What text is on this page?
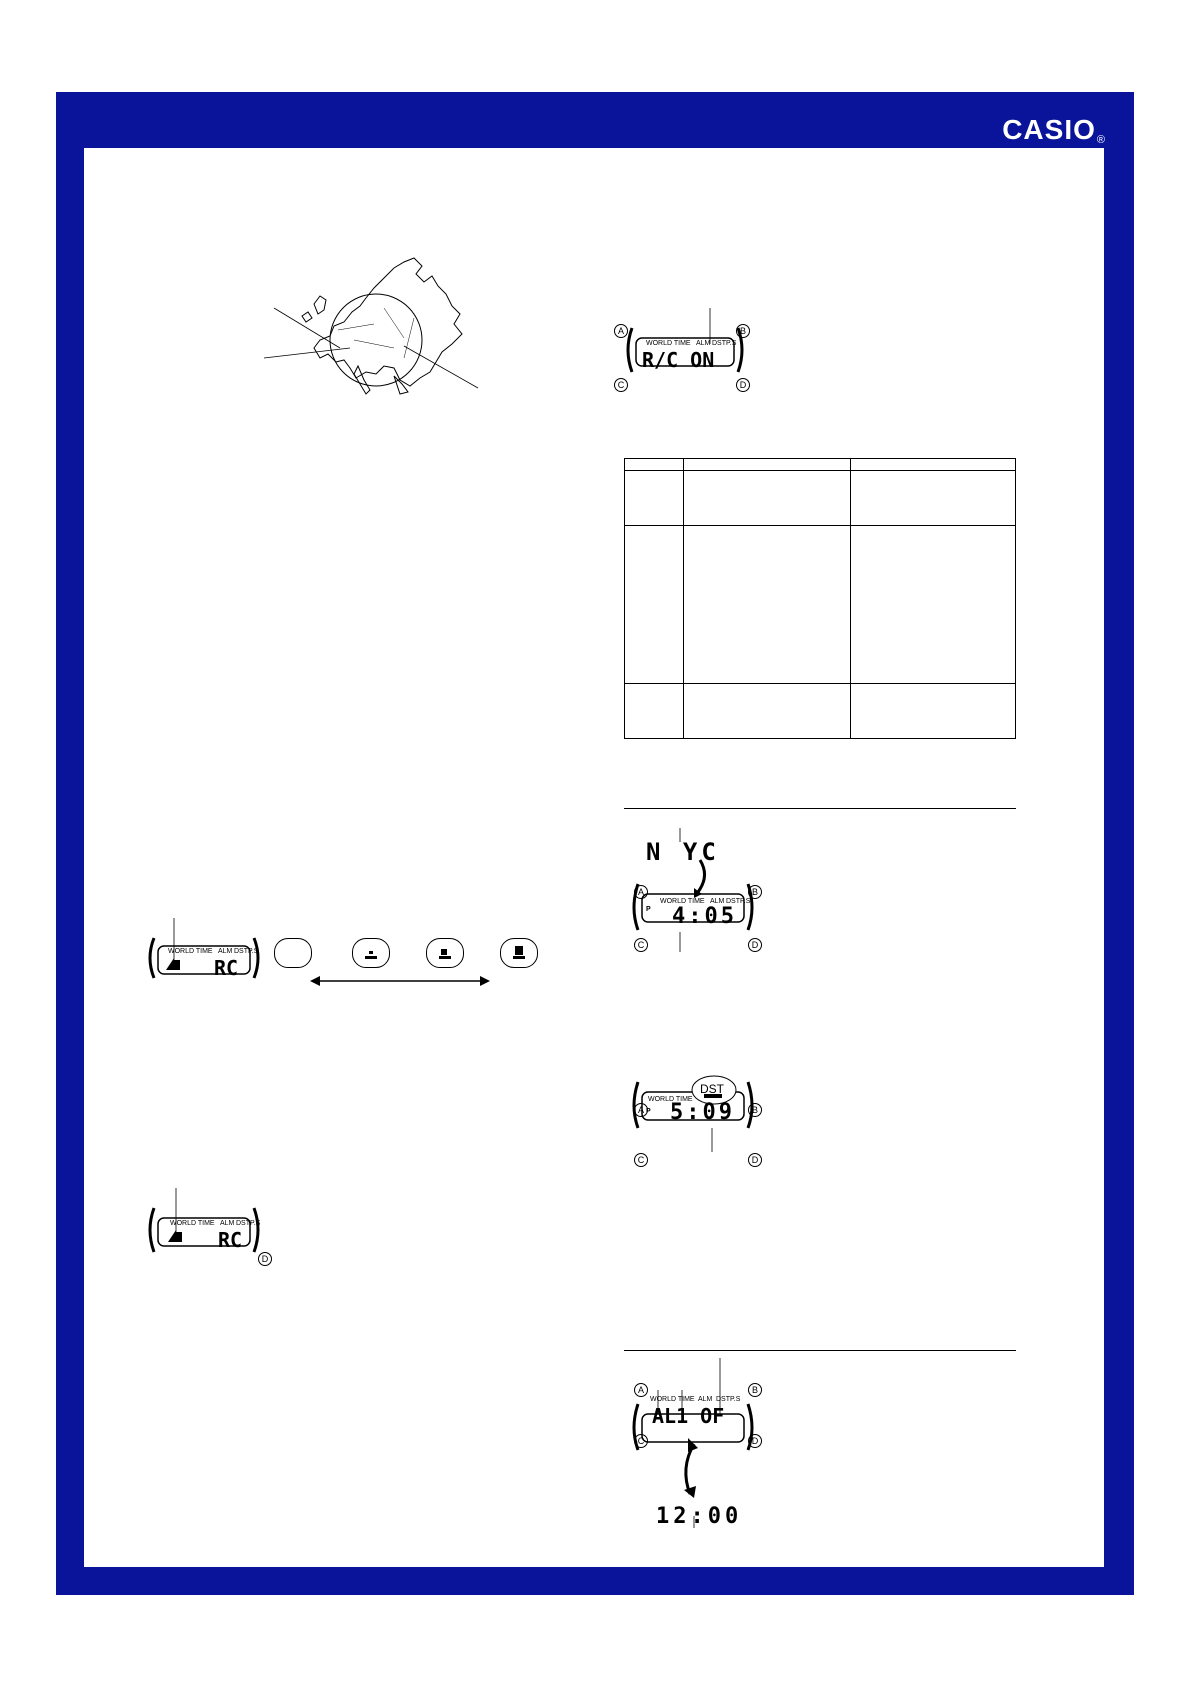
CASIO®
WORLD TIME ALM DST P.S
RC
WORLD TIME ALM DST P.S
RC
D
A	B
C	D
WORLD TIME ALM DST P.S
R/C ON

N YC
A	B
C	D
WORLD TIME ALM DST P.S
P 4:05
A	B
C	D
WORLD TIME
DST
P 5:09
A	B
C	D
WORLD TIME ALM DST P.S
AL1 OF
12:00
